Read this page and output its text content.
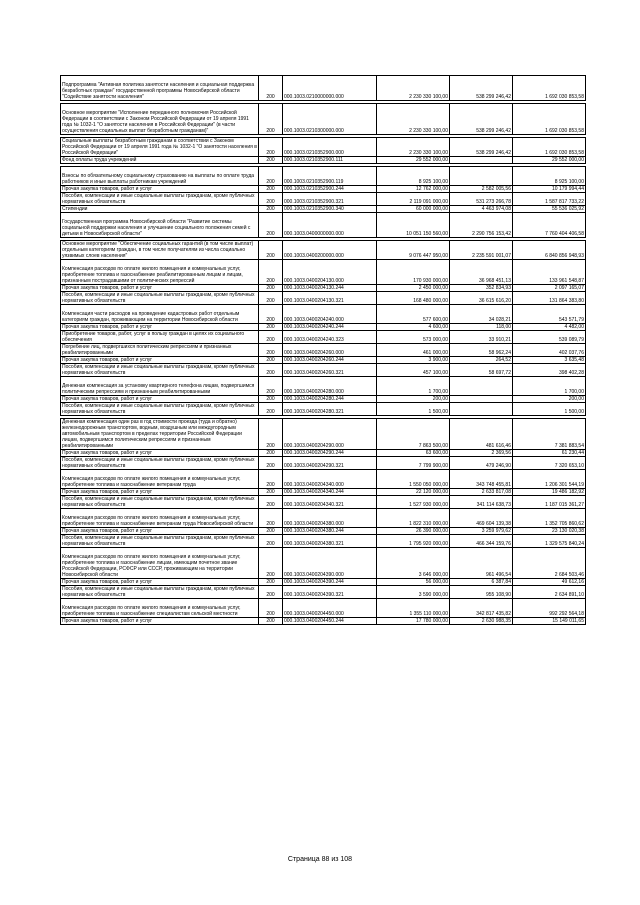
Подпрограмма "Активная политика занятости населения и социальная поддержка безработных граждан" государственной программы Новосибирской области "Содействие занятости населения"	200	000.1003.0210000000.000	2 230 330 100,00	538 299 246,42	1 692 030 853,58

Основное мероприятие "Исполнение переданного полномочия Российской Федерации в соответствии с Законом Российской Федерации от 19 апреля 1991 года № 1032-1 "О занятости населения в Российской Федерации" (в части осуществления социальных выплат безработным гражданам)"	200	000.1003.0210300000.000	2 230 330 100,00	538 299 246,42	1 692 030 853,58

Социальные выплаты безработным гражданам в соответствии с Законом Российской Федерации от 19 апреля 1991 года № 1032-1 "О занятости населения в Российской Федерации"	200	000.1003.0210352900.000	2 230 330 100,00	538 299 246,42	1 692 030 853,58
Фонд оплаты труда учреждений	200	000.1003.0210352900.111	29 552 000,00		29 552 000,00

Взносы по обязательному социальному страхованию на выплаты по оплате труда работников и иные выплаты работникам учреждений	200	000.1003.0210352900.119	8 925 100,00		8 925 100,00
Прочая закупка товаров, работ и услуг	200	000.1003.0210352900.244	12 762 000,00	2 582 005,56	10 179 994,44
Пособия, компенсации и иные социальные выплаты гражданам, кроме публичных нормативных обязательств	200	000.1003.0210352900.321	2 119 091 000,00	531 273 266,78	1 587 817 733,22
Стипендии	200	000.1003.0210352900.340	60 000 000,00	4 463 974,08	55 536 025,92
Государственная программа Новосибирской области "Развитие системы социальной поддержки населения и улучшение социального положения семей с детьми в Новосибирской области"	200	000.1003.0400000000.000	10 051 150 560,00	2 290 756 153,42	7 760 404 406,58

Основное мероприятие "Обеспечение социальных гарантий (в том числе выплат) отдельным категориям граждан, в том числе получателям из числа социально уязвимых слоев населения"	200	000.1003.0400200000.000	9 076 447 950,00	2 235 591 001,07	6 840 856 948,93
Компенсация расходов по оплате жилого помещения и коммунальных услуг, приобретение топлива и газоснабжение реабилитированным лицам и лицам, признанным пострадавшими от политических репрессий	200	000.1003.0400204130.000	170 930 000,00	36 968 451,13	133 961 548,87
Прочая закупка товаров, работ и услуг	200	000.1003.0400204130.244	2 450 000,00	352 834,93	2 097 165,07
Пособия, компенсации и иные социальные выплаты гражданам, кроме публичных нормативных обязательств	200	000.1003.0400204130.321	168 480 000,00	36 615 616,20	131 864 383,80
Компенсация части расходов на проведение кадастровых работ отдельным категориям граждан, проживающим на территории Новосибирской области	200	000.1003.0400204240.000	577 600,00	34 028,21	543 571,79
Прочая закупка товаров, работ и услуг	200	000.1003.0400204240.244	4 600,00	118,00	4 482,00
Приобретение товаров, работ, услуг в пользу граждан в целях их социального обеспечения	200	000.1003.0400204240.323	573 000,00	33 910,21	539 089,79
Погребение лиц, подвергшихся политическим репрессиям и признанных реабилитированными	200	000.1003.0400204260.000	461 000,00	58 962,24	402 037,76
Прочая закупка товаров, работ и услуг	200	000.1003.0400204260.244	3 900,00	264,52	3 635,48
Пособия, компенсации и иные социальные выплаты гражданам, кроме публичных нормативных обязательств	200	000.1003.0400204260.321	457 100,00	58 697,72	398 402,28
Денежная компенсация за установку квартирного телефона лицам, подвергшимся политическим репрессиям и признанным реабилитированными	200	000.1003.0400204280.000	1 700,00		1 700,00
Прочая закупка товаров, работ и услуг	200	000.1003.0400204280.244	200,00		200,00
Пособия, компенсации и иные социальные выплаты гражданам, кроме публичных нормативных обязательств	200	000.1003.0400204280.321	1 500,00		1 500,00

Денежная компенсация один раз в год стоимости проезда (туда и обратно) железнодорожным транспортом, водным, воздушным или междугородным автомобильным транспортом в пределах территории Российской Федерации лицам, подвергшимся политическим репрессиям и признанным реабилитированными	200	000.1003.0400204290.000	7 863 500,00	481 616,46	7 381 883,54
Прочая закупка товаров, работ и услуг	200	000.1003.0400204290.244	63 600,00	2 369,56	61 230,44
Пособия, компенсации и иные социальные выплаты гражданам, кроме публичных нормативных обязательств	200	000.1003.0400204290.321	7 799 900,00	479 246,90	7 320 653,10
Компенсация расходов по оплате жилого помещения и коммунальных услуг, приобретение топлива и газоснабжение ветеранам труда	200	000.1003.0400204340.000	1 550 050 000,00	343 748 455,81	1 206 301 544,19
Прочая закупка товаров, работ и услуг	200	000.1003.0400204340.244	22 120 000,00	2 633 817,08	19 486 182,92
Пособия, компенсации и иные социальные выплаты гражданам, кроме публичных нормативных обязательств	200	000.1003.0400204340.321	1 527 930 000,00	341 114 638,73	1 187 015 361,27
Компенсация расходов по оплате жилого помещения и коммунальных услуг, приобретение топлива и газоснабжение ветеранам труда Новосибирской области	200	000.1003.0400204380.000	1 822 310 000,00	469 604 139,38	1 352 705 860,62
Прочая закупка товаров, работ и услуг	200	000.1003.0400204380.244	26 390 000,00	3 259 979,62	23 130 020,38
Пособия, компенсации и иные социальные выплаты гражданам, кроме публичных нормативных обязательств	200	000.1003.0400204380.321	1 795 920 000,00	466 344 159,76	1 329 575 840,24
Компенсация расходов по оплате жилого помещения и коммунальных услуг, приобретение топлива и газоснабжение лицам, имеющим почетное звание Российской Федерации, РСФСР или СССР, проживающим на территории Новосибирской области	200	000.1003.0400204390.000	3 646 000,00	961 496,54	2 684 503,46
Прочая закупка товаров, работ и услуг	200	000.1003.0400204390.244	56 000,00	6 387,84	49 612,16
Пособия, компенсации и иные социальные выплаты гражданам, кроме публичных нормативных обязательств	200	000.1003.0400204390.321	3 590 000,00	955 108,90	2 634 891,10
Компенсация расходов по оплате жилого помещения и коммунальных услуг, приобретение топлива и газоснабжение специалистам сельской местности	200	000.1003.0400204450.000	1 355 110 000,00	342 817 435,82	992 292 564,18
Прочая закупка товаров, работ и услуг	200	000.1003.0400204450.244	17 780 000,00	2 630 988,35	15 149 011,65
Страница 88 из 108
